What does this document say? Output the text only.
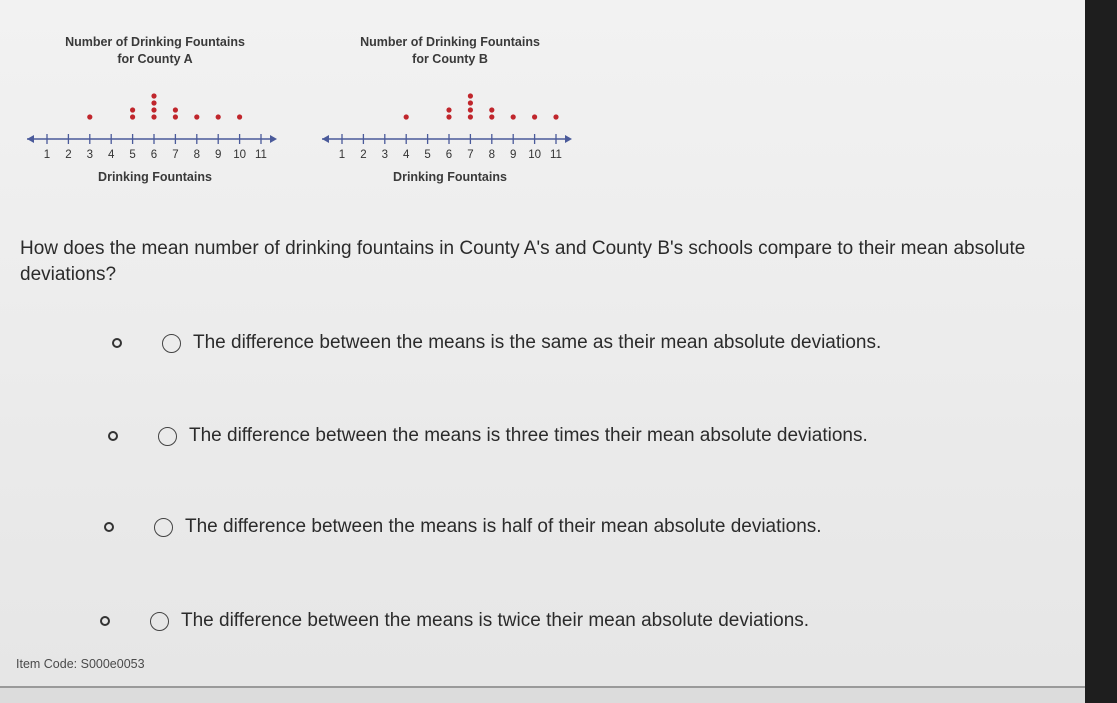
Number of Drinking Fountains
for County A
1 2 3 4 5 6 7 8 9 10 11
Drinking Fountains
Number of Drinking Fountains
for County B
1 2 3 4 5 6 7 8 9 10 11
Drinking Fountains
How does the mean number of drinking fountains in County A's and County B's schools compare to their mean absolute deviations?
The difference between the means is the same as their mean absolute deviations.
The difference between the means is three times their mean absolute deviations.
The difference between the means is half of their mean absolute deviations.
The difference between the means is twice their mean absolute deviations.
Item Code: S000e0053
